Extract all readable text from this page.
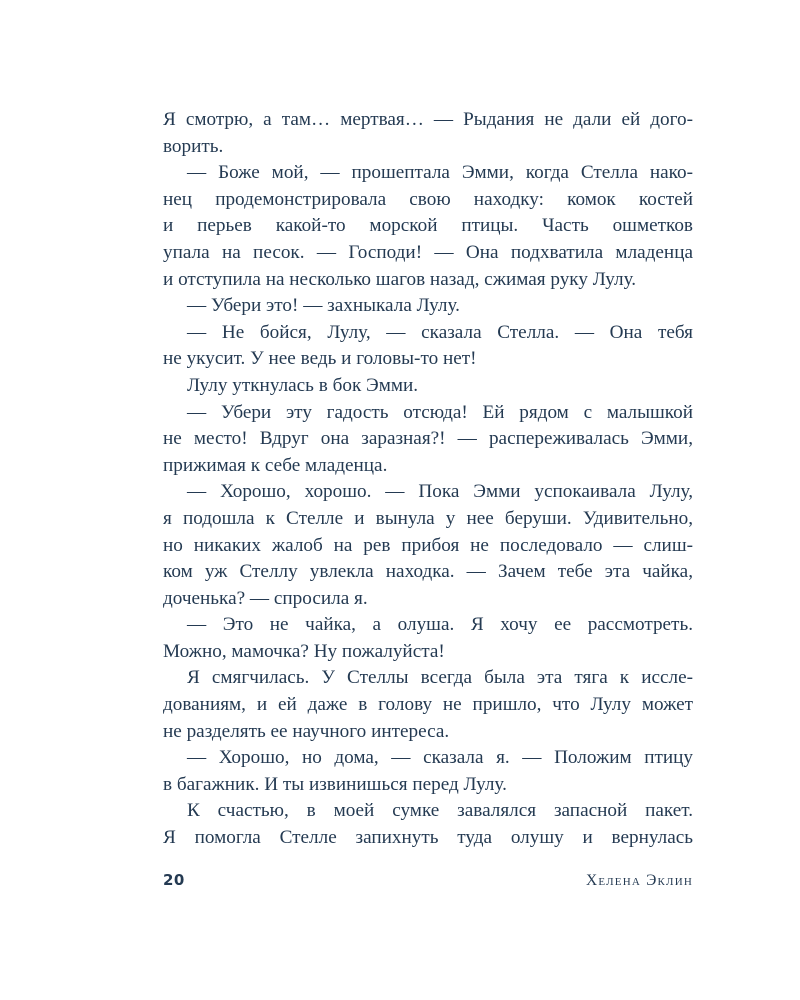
Я смотрю, а там… мертвая… — Рыдания не дали ей дого-
ворить.
— Боже мой, — прошептала Эмми, когда Стелла нако-
нец продемонстрировала свою находку: комок костей
и перьев какой-то морской птицы. Часть ошметков
упала на песок. — Господи! — Она подхватила младенца
и отступила на несколько шагов назад, сжимая руку Лулу.
— Убери это! — захныкала Лулу.
— Не бойся, Лулу, — сказала Стелла. — Она тебя
не укусит. У нее ведь и головы-то нет!
Лулу уткнулась в бок Эмми.
— Убери эту гадость отсюда! Ей рядом с малышкой
не место! Вдруг она заразная?! — распереживалась Эмми,
прижимая к себе младенца.
— Хорошо, хорошо. — Пока Эмми успокаивала Лулу,
я подошла к Стелле и вынула у нее беруши. Удивительно,
но никаких жалоб на рев прибоя не последовало — слиш-
ком уж Стеллу увлекла находка. — Зачем тебе эта чайка,
доченька? — спросила я.
— Это не чайка, а олуша. Я хочу ее рассмотреть.
Можно, мамочка? Ну пожалуйста!
Я смягчилась. У Стеллы всегда была эта тяга к иссле-
дованиям, и ей даже в голову не пришло, что Лулу может
не разделять ее научного интереса.
— Хорошо, но дома, — сказала я. — Положим птицу
в багажник. И ты извинишься перед Лулу.
К счастью, в моей сумке завалялся запасной пакет.
Я помогла Стелле запихнуть туда олушу и вернулась
20	Хелена Эклин
